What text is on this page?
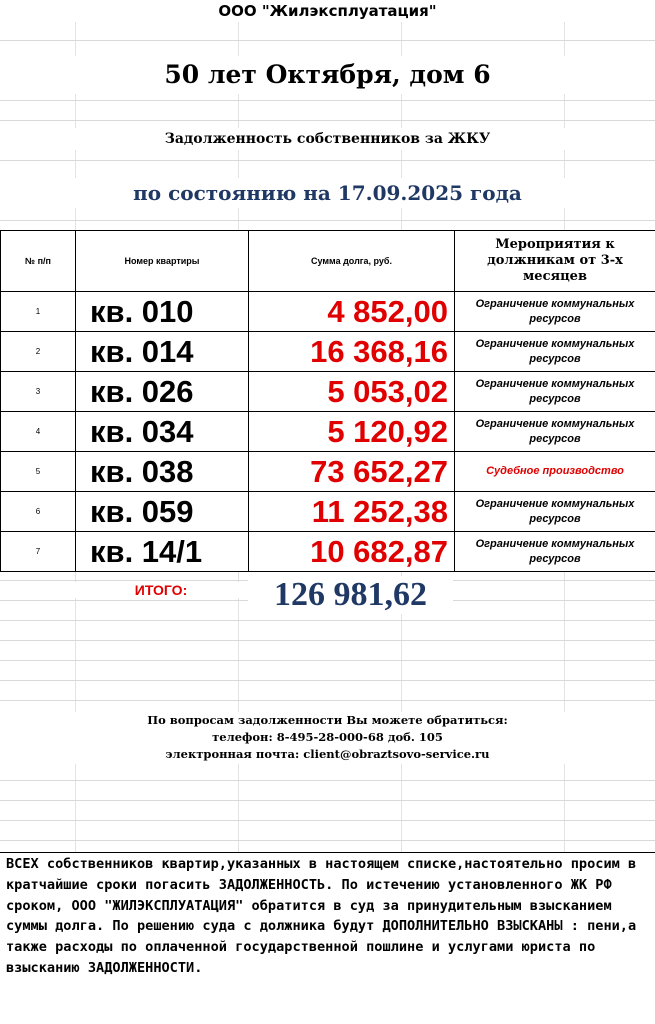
ООО "Жилэксплуатация"
50 лет Октября, дом 6
Задолженность собственников за ЖКУ
по состоянию на 17.09.2025 года
№ п/п	Номер квартиры	Сумма долга, руб.	Мероприятия к должникам от 3-х месяцев
1	кв. 010	4 852,00	Ограничение коммунальных ресурсов
2	кв. 014	16 368,16	Ограничение коммунальных ресурсов
3	кв. 026	5 053,02	Ограничение коммунальных ресурсов
4	кв. 034	5 120,92	Ограничение коммунальных ресурсов
5	кв. 038	73 652,27	Судебное производство
6	кв. 059	11 252,38	Ограничение коммунальных ресурсов
7	кв. 14/1	10 682,87	Ограничение коммунальных ресурсов
ИТОГО:	126 981,62
По вопросам задолженности Вы можете обратиться:
телефон: 8-495-28-000-68 доб. 105
электронная почта: client@obraztsovo-service.ru
ВСЕХ собственников квартир,указанных в настоящем списке,настоятельно просим в кратчайшие сроки погасить ЗАДОЛЖЕННОСТЬ. По истечению установленного ЖК РФ сроком, ООО "ЖИЛЭКСПЛУАТАЦИЯ" обратится в суд за принудительным взысканием суммы долга. По решению суда с должника будут ДОПОЛНИТЕЛЬНО ВЗЫСКАНЫ : пени,а также расходы по оплаченной государственной пошлине и услугами юриста по взысканию ЗАДОЛЖЕННОСТИ.
